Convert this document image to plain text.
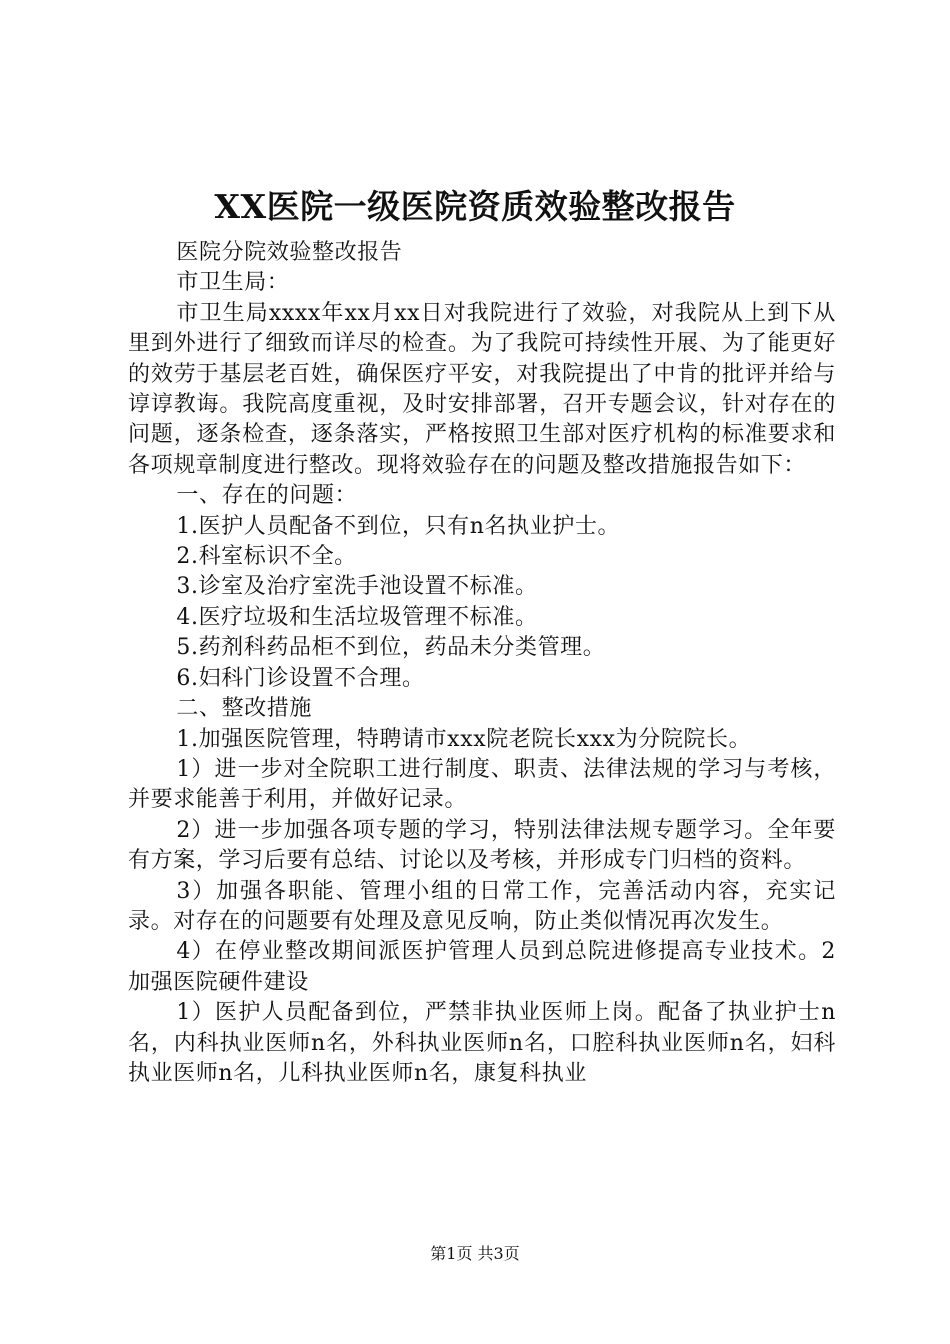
XX医院一级医院资质效验整改报告

医院分院效验整改报告

市卫生局：

市卫生局xxxx年xx月xx日对我院进行了效验，对我院从上到下从里到外进行了细致而详尽的检查。为了我院可持续性开展、为了能更好的效劳于基层老百姓，确保医疗平安，对我院提出了中肯的批评并给与谆谆教诲。我院高度重视，及时安排部署，召开专题会议，针对存在的问题，逐条检查，逐条落实，严格按照卫生部对医疗机构的标准要求和各项规章制度进行整改。现将效验存在的问题及整改措施报告如下：

一、存在的问题：

1.医护人员配备不到位，只有n名执业护士。

2.科室标识不全。

3.诊室及治疗室洗手池设置不标准。

4.医疗垃圾和生活垃圾管理不标准。

5.药剂科药品柜不到位，药品未分类管理。

6.妇科门诊设置不合理。

二、整改措施

1.加强医院管理，特聘请市xxx院老院长xxx为分院院长。

1）进一步对全院职工进行制度、职责、法律法规的学习与考核，并要求能善于利用，并做好记录。

2）进一步加强各项专题的学习，特别法律法规专题学习。全年要有方案，学习后要有总结、讨论以及考核，并形成专门归档的资料。

3）加强各职能、管理小组的日常工作，完善活动内容，充实记录。对存在的问题要有处理及意见反响，防止类似情况再次发生。

4）在停业整改期间派医护管理人员到总院进修提高专业技术。2加强医院硬件建设

1）医护人员配备到位，严禁非执业医师上岗。配备了执业护士n名，内科执业医师n名，外科执业医师n名，口腔科执业医师n名，妇科执业医师n名，儿科执业医师n名，康复科执业

第1页 共3页
